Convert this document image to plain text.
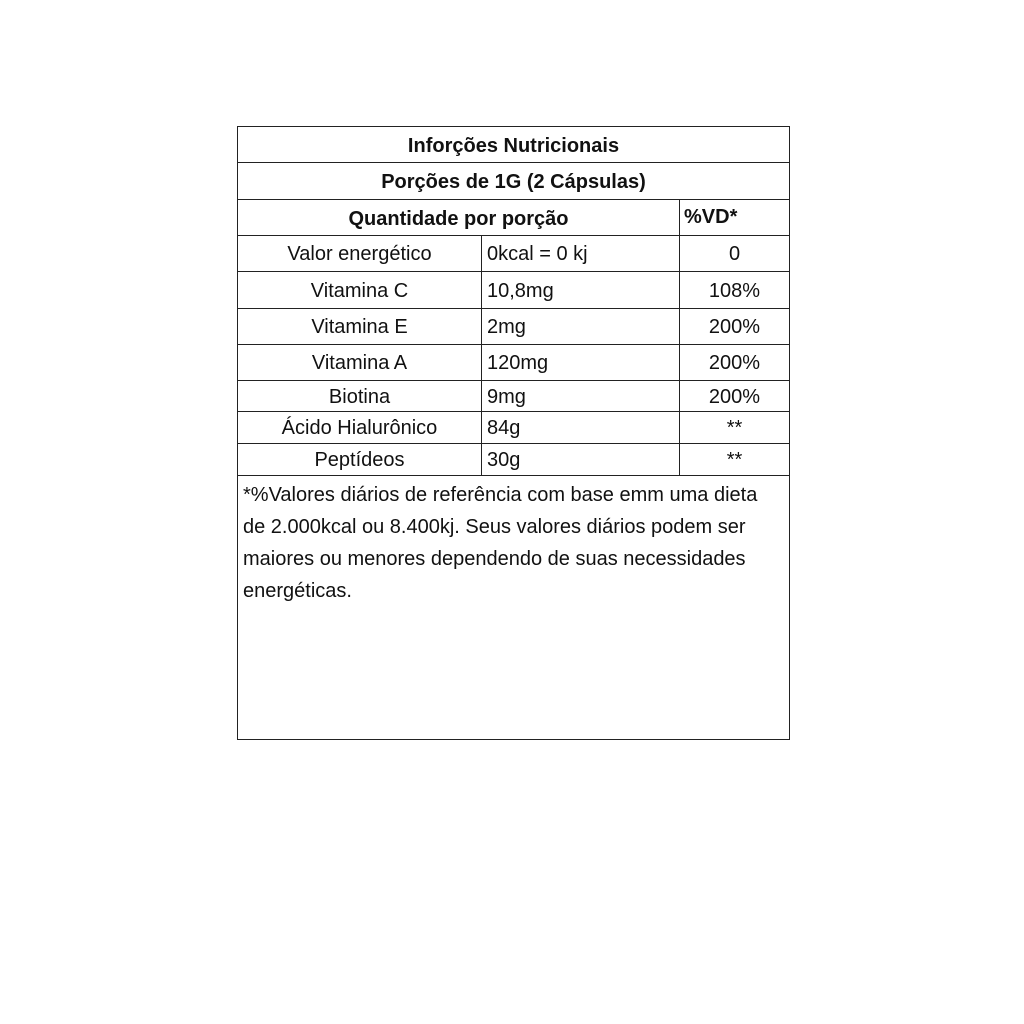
Inforções Nutricionais
Porções de 1G (2 Cápsulas)
Quantidade por porção	%VD*
Valor energético	0kcal = 0 kj	0
Vitamina C	10,8mg	108%
Vitamina E	2mg	200%
Vitamina A	120mg	200%
Biotina	9mg	200%
Ácido Hialurônico	84g	**
Peptídeos	30g	**
*%Valores diários de referência com base emm uma dieta de 2.000kcal ou 8.400kj. Seus valores diários podem ser maiores ou menores dependendo de suas necessidades energéticas.
